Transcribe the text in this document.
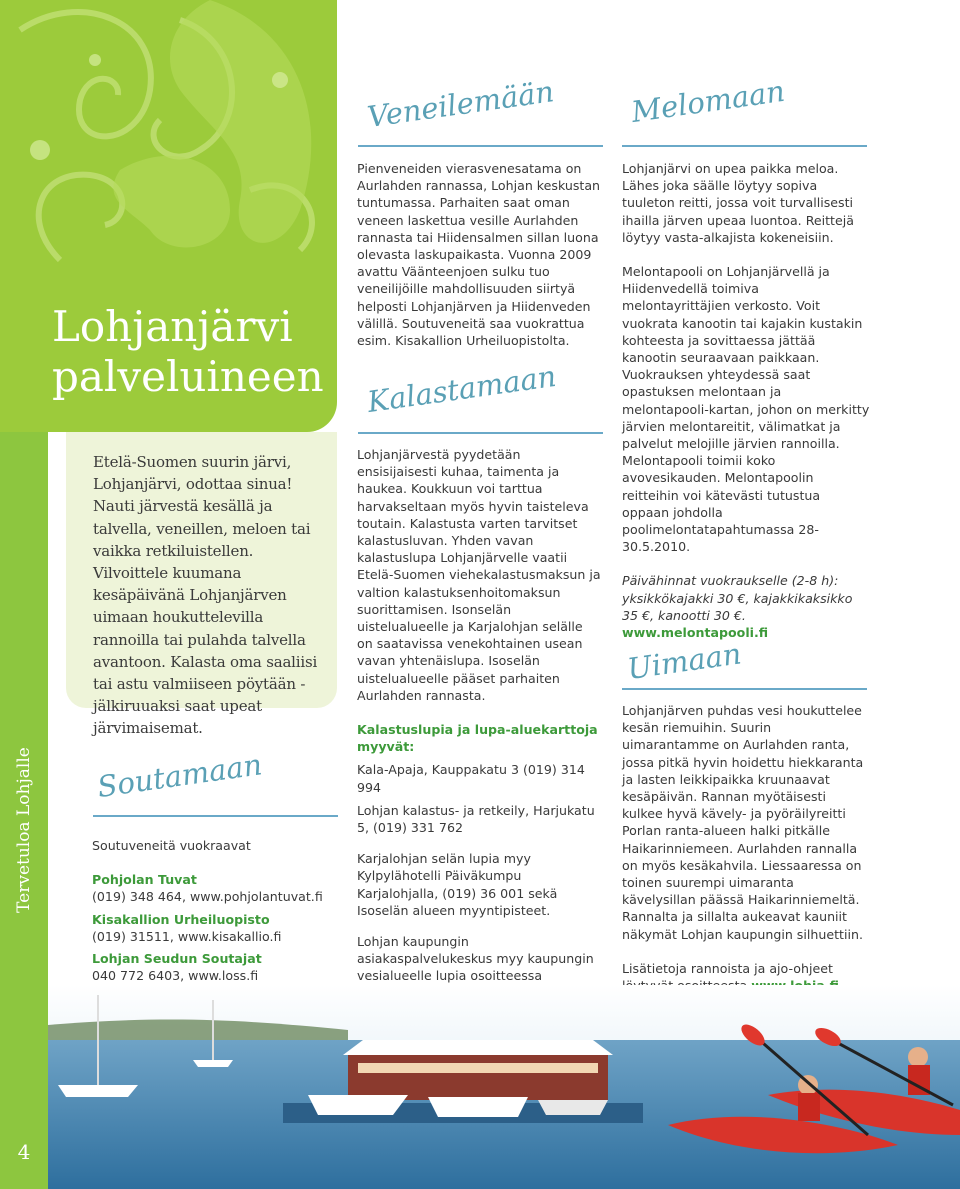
Lohjanjärvi
palveluineen
Etelä-Suomen suurin järvi, Lohjanjärvi, odottaa sinua! Nauti järvestä kesällä ja talvella, veneillen, meloen tai vaikka retkiluistellen. Vilvoittele kuumana kesäpäivänä Lohjanjärven uimaan houkuttelevilla rannoilla tai pulahda talvella avantoon. Kalasta oma saaliisi tai astu valmiiseen pöytään - jälkiruuaksi saat upeat järvimaisemat.
Tervetuloa Lohjalle
4
Soutamaan

Soutuveneitä vuokraavat

Pohjolan Tuvat

(019) 348 464, www.pohjolantuvat.fi

Kisakallion Urheiluopisto

(019) 31511, www.kisakallio.fi

Lohjan Seudun Soutajat

040 772 6403, www.loss.fi

Veneilemään
Pienveneiden vierasvenesatama on Aurlahden rannassa, Lohjan keskustan tuntumassa. Parhaiten saat oman veneen laskettua vesille Aurlahden rannasta tai Hiidensalmen sillan luona olevasta laskupaikasta. Vuonna 2009 avattu Väänteenjoen sulku tuo veneilijöille mahdollisuuden siirtyä helposti Lohjanjärven ja Hiidenveden välillä. Soutuveneitä saa vuokrattua esim. Kisakallion Urheiluopistolta.
Kalastamaan

Lohjanjärvestä pyydetään ensisijaisesti kuhaa, taimenta ja haukea. Koukkuun voi tarttua harvakseltaan myös hyvin taisteleva toutain. Kalastusta varten tarvitset kalastusluvan. Yhden vavan kalastuslupa Lohjanjärvelle vaatii Etelä-Suomen viehekalastusmaksun ja valtion kalastuksenhoitomaksun suorittamisen. Isonselän uistelualueelle ja Karjalohjan selälle on saatavissa venekohtainen usean vavan yhtenäislupa. Isoselän uistelualueelle pääset parhaiten Aurlahden rannasta.

Kalastuslupia ja lupa-aluekarttoja myyvät:

Kala-Apaja, Kauppakatu 3 (019) 314 994

Lohjan kalastus- ja retkeily, Harjukatu 5, (019) 331 762

Karjalohjan selän lupia myy Kylpylähotelli Päiväkumpu Karjalohjalla, (019) 36 001 sekä Isoselän alueen myyntipisteet.

Lohjan kaupungin asiakaspalvelukeskus myy kaupungin vesialueelle lupia osoitteessa

Melomaan

Lohjanjärvi on upea paikka meloa. Lähes joka säälle löytyy sopiva tuuleton reitti, jossa voit turvallisesti ihailla järven upeaa luontoa. Reittejä löytyy vasta-alkajista kokeneisiin.

Melontapooli on Lohjanjärvellä ja Hiidenvedellä toimiva melontayrittäjien verkosto. Voit vuokrata kanootin tai kajakin kustakin kohteesta ja sovittaessa jättää kanootin seuraavaan paikkaan. Vuokrauksen yhteydessä saat opastuksen melontaan ja melontapooli-kartan, johon on merkitty järvien melontareitit, välimatkat ja palvelut melojille järvien rannoilla. Melontapooli toimii koko avovesikauden. Melontapoolin reitteihin voi kätevästi tutustua oppaan johdolla poolimelontatapahtumassa 28-30.5.2010.

Päivähinnat vuokraukselle (2-8 h): yksikkökajakki 30 €, kajakkikaksikko 35 €, kanootti 30 €.

www.melontapooli.fi

Uimaan

Lohjanjärven puhdas vesi houkuttelee kesän riemuihin. Suurin uimarantamme on Aurlahden ranta, jossa pitkä hyvin hoidettu hiekkaranta ja lasten leikkipaikka kruunaavat kesäpäivän. Rannan myötäisesti kulkee hyvä kävely- ja pyöräilyreitti Porlan ranta-alueen halki pitkälle Haikarinniemeen. Aurlahden rannalla on myös kesäkahvila. Liessaaressa on toinen suurempi uimaranta kävelysillan päässä Haikarinniemeltä. Rannalta ja sillalta aukeavat kauniit näkymät Lohjan kaupungin silhuettiin.

Lisätietoja rannoista ja ajo-ohjeet
